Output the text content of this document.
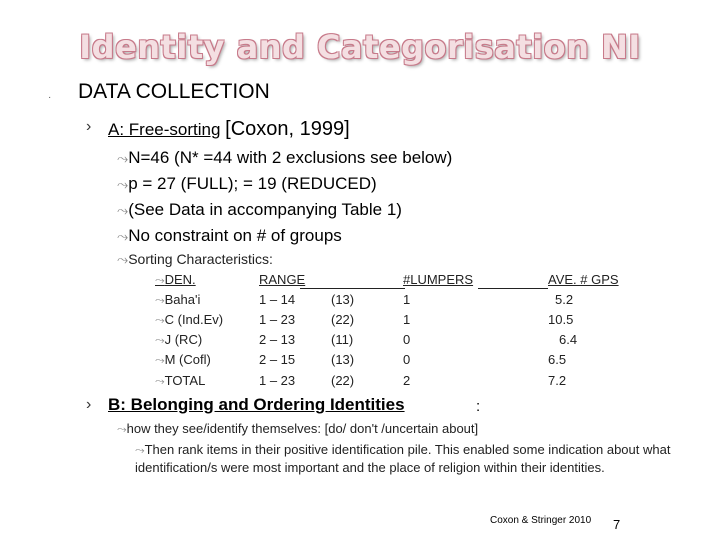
Identity and Categorisation NI
· DATA COLLECTION
› A: Free-sorting [Coxon, 1999]
⤳N=46 (N* =44 with 2 exclusions see below)
⤳p = 27 (FULL); = 19 (REDUCED)
⤳(See Data in accompanying Table 1)
⤳No constraint on # of groups
⤳Sorting Characteristics:
⤳DEN.	RANGE	#LUMPERS	AVE. # GPS
⤳Baha'i	1 – 14	(13)	1	5.2
⤳C (Ind.Ev)	1 – 23	(22)	1	10.5
⤳J (RC)	2 – 13	(11)	0	6.4
⤳M (Cofl)	2 – 15	(13)	0	6.5
⤳TOTAL	1 – 23	(22)	2	7.2
› B: Belonging and Ordering Identities	:
⤳how they see/identify themselves: [do/ don't /uncertain about]
⤳Then rank items in their positive identification pile. This enabled some indication about what identification/s were most important and the place of religion within their identities.
Coxon & Stringer 2010 7
